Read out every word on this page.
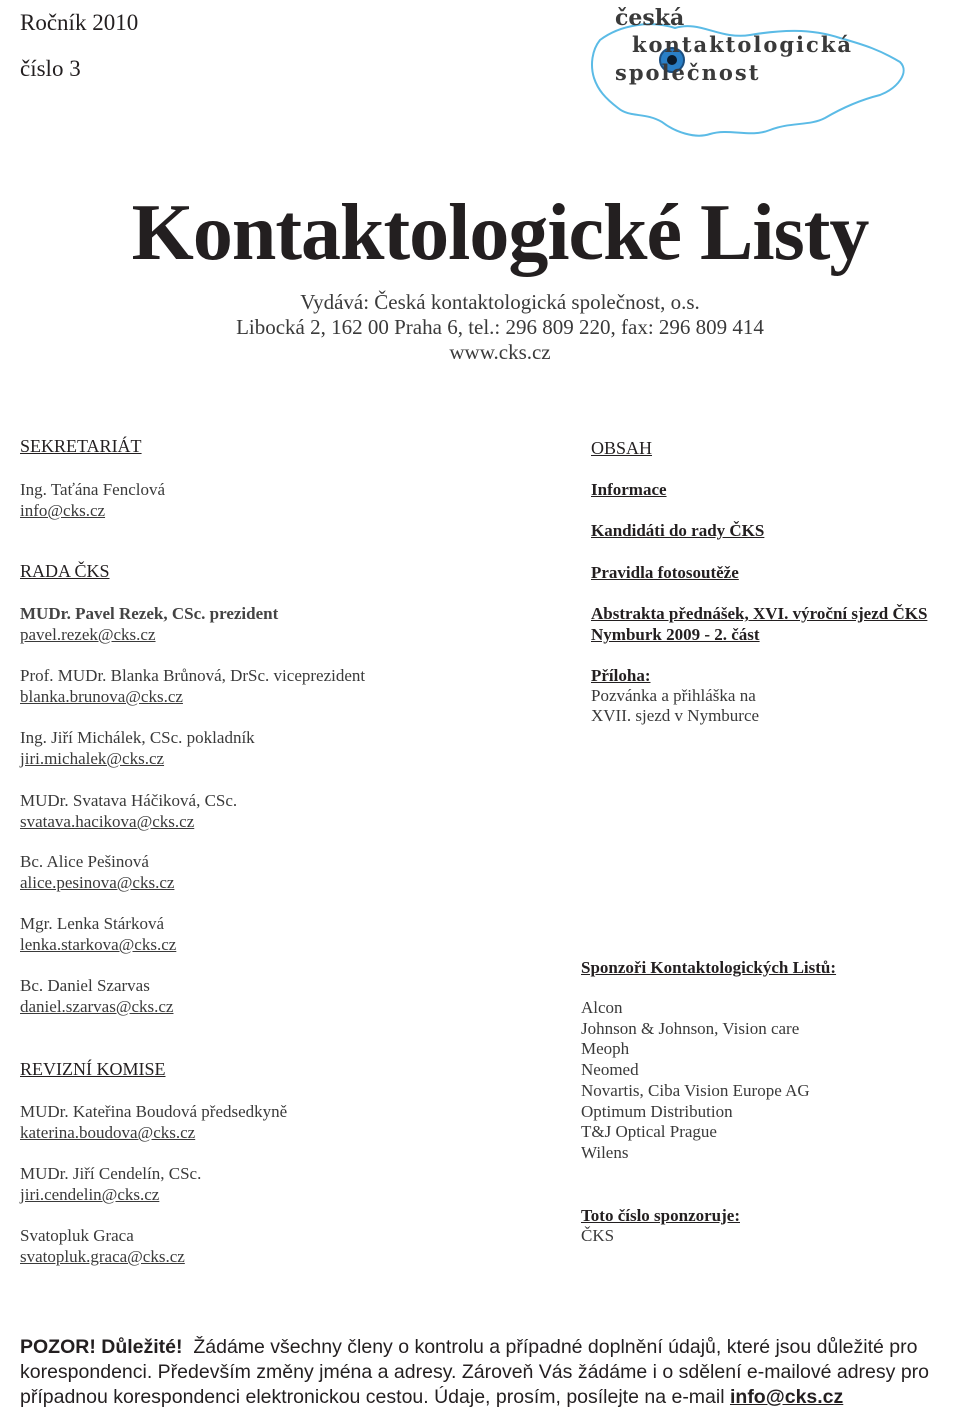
Ročník 2010
číslo 3
česká
kontaktologická
společnost
Kontaktologické Listy
Vydává: Česká kontaktologická společnost, o.s.
Libocká 2, 162 00 Praha 6, tel.: 296 809 220, fax: 296 809 414
www.cks.cz
SEKRETARIÁT
Ing. Taťána Fenclová
info@cks.cz
RADA ČKS
MUDr. Pavel Rezek, CSc. prezident
pavel.rezek@cks.cz
Prof. MUDr. Blanka Brůnová, DrSc. viceprezident
blanka.brunova@cks.cz
Ing. Jiří Michálek, CSc. pokladník
jiri.michalek@cks.cz
MUDr. Svatava Háčiková, CSc.
svatava.hacikova@cks.cz
Bc. Alice Pešinová
alice.pesinova@cks.cz
Mgr. Lenka Stárková
lenka.starkova@cks.cz
Bc. Daniel Szarvas
daniel.szarvas@cks.cz
REVIZNÍ KOMISE
MUDr. Kateřina Boudová předsedkyně
katerina.boudova@cks.cz
MUDr. Jiří Cendelín, CSc.
jiri.cendelin@cks.cz
Svatopluk Graca
svatopluk.graca@cks.cz
OBSAH
Informace
Kandidáti do rady ČKS
Pravidla fotosoutěže
Abstrakta přednášek, XVI. výroční sjezd ČKS
Nymburk 2009 - 2. část
Příloha:
Pozvánka a přihláška na
XVII. sjezd v Nymburce
Sponzoři Kontaktologických Listů:
Alcon
Johnson & Johnson, Vision care
Meoph
Neomed
Novartis, Ciba Vision Europe AG
Optimum Distribution
T&J Optical Prague
Wilens
Toto číslo sponzoruje:
ČKS
POZOR! Důležité! Žádáme všechny členy o kontrolu a případné doplnění údajů, které jsou důležité pro korespondenci. Především změny jména a adresy. Zároveň Vás žádáme i o sdělení e-mailové adresy pro případnou korespondenci elektronickou cestou. Údaje, prosím, posílejte na e-mail info@cks.cz
